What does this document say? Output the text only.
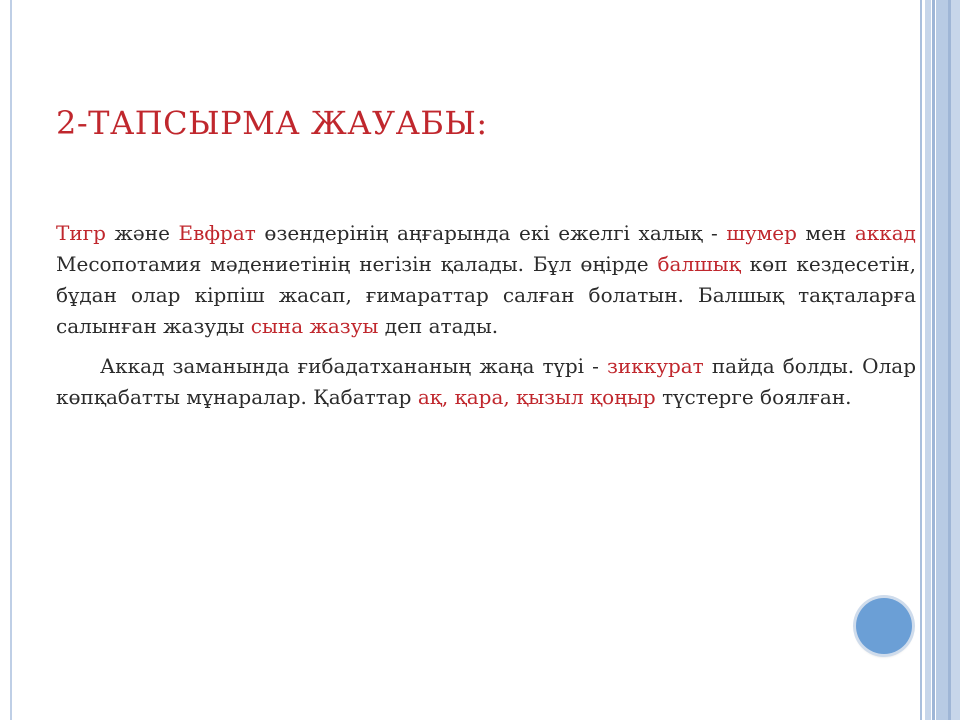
2-ТАПСЫРМА ЖАУАБЫ:

Тигр және Евфрат өзендерінің аңғарында екі ежелгі халық - шумер мен аккад Месопотамия мәдениетінің негізін қалады. Бұл өңірде балшық көп кездесетін, бұдан олар кірпіш жасап, ғимараттар салған болатын. Балшық тақталарға салынған жазуды сына жазуы деп атады.

Аккад заманында ғибадатхананың жаңа түрі - зиккурат пайда болды. Олар көпқабатты мұнаралар. Қабаттар ақ, қара, қызыл қоңыр түстерге боялған.
